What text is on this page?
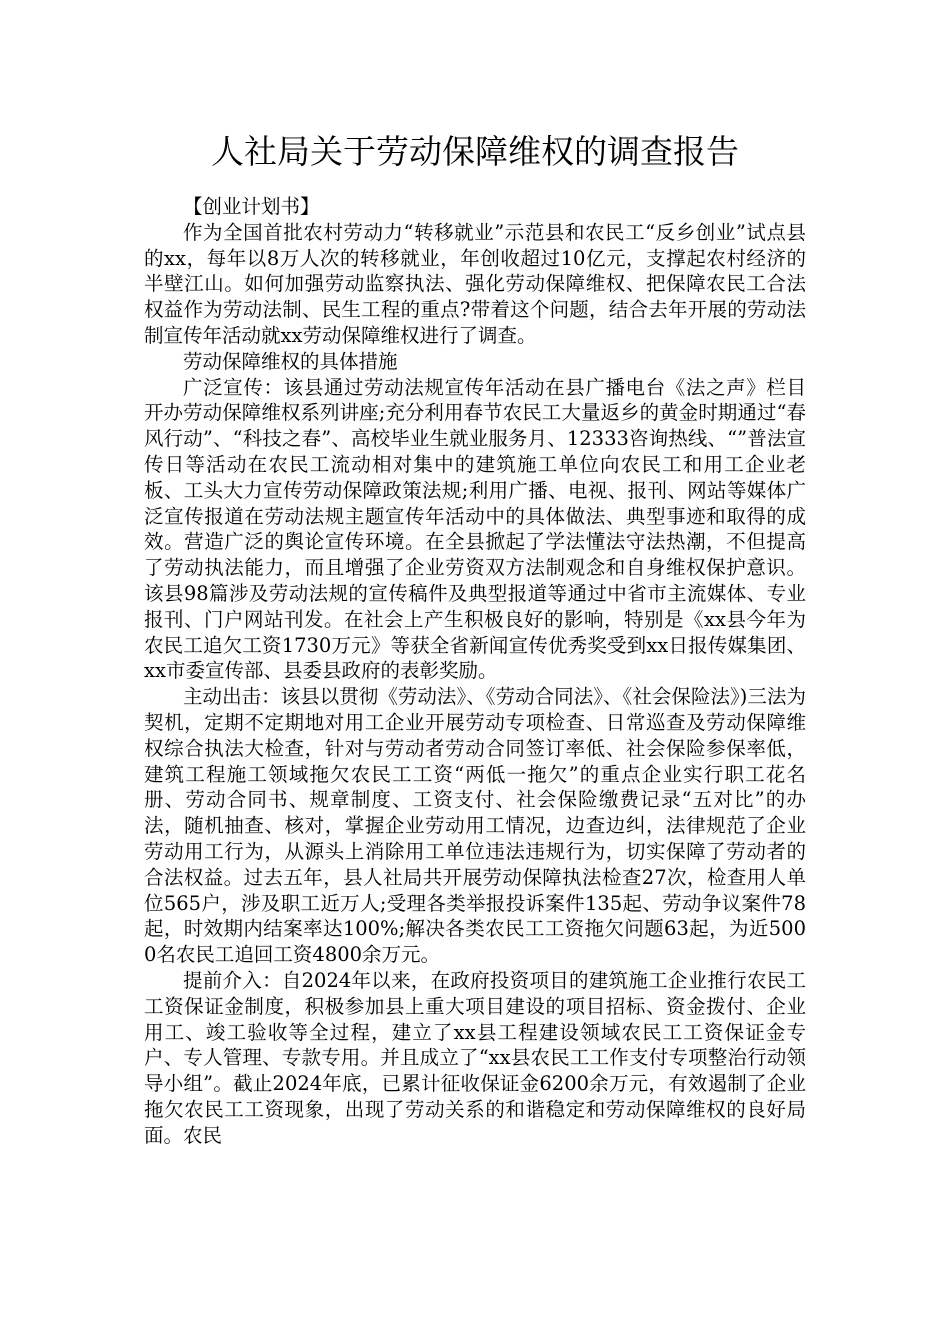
人社局关于劳动保障维权的调查报告

【创业计划书】

作为全国首批农村劳动力“转移就业”示范县和农民工“反乡创业”试点县的xx，每年以8万人次的转移就业，年创收超过10亿元，支撑起农村经济的半壁江山。如何加强劳动监察执法、强化劳动保障维权、把保障农民工合法权益作为劳动法制、民生工程的重点?带着这个问题，结合去年开展的劳动法制宣传年活动就xx劳动保障维权进行了调查。

劳动保障维权的具体措施

广泛宣传：该县通过劳动法规宣传年活动在县广播电台《法之声》栏目开办劳动保障维权系列讲座;充分利用春节农民工大量返乡的黄金时期通过“春风行动”、“科技之春”、高校毕业生就业服务月、12333咨询热线、“”普法宣传日等活动在农民工流动相对集中的建筑施工单位向农民工和用工企业老板、工头大力宣传劳动保障政策法规;利用广播、电视、报刊、网站等媒体广泛宣传报道在劳动法规主题宣传年活动中的具体做法、典型事迹和取得的成效。营造广泛的舆论宣传环境。在全县掀起了学法懂法守法热潮，不但提高了劳动执法能力，而且增强了企业劳资双方法制观念和自身维权保护意识。该县98篇涉及劳动法规的宣传稿件及典型报道等通过中省市主流媒体、专业报刊、门户网站刊发。在社会上产生积极良好的影响，特别是《xx县今年为农民工追欠工资1730万元》等获全省新闻宣传优秀奖受到xx日报传媒集团、xx市委宣传部、县委县政府的表彰奖励。

主动出击：该县以贯彻《劳动法》、《劳动合同法》、《社会保险法》)三法为契机，定期不定期地对用工企业开展劳动专项检查、日常巡查及劳动保障维权综合执法大检查，针对与劳动者劳动合同签订率低、社会保险参保率低，建筑工程施工领域拖欠农民工工资“两低一拖欠”的重点企业实行职工花名册、劳动合同书、规章制度、工资支付、社会保险缴费记录“五对比”的办法，随机抽查、核对，掌握企业劳动用工情况，边查边纠，法律规范了企业劳动用工行为，从源头上消除用工单位违法违规行为，切实保障了劳动者的合法权益。过去五年，县人社局共开展劳动保障执法检查27次，检查用人单位565户，涉及职工近万人;受理各类举报投诉案件135起、劳动争议案件78起，时效期内结案率达100%;解决各类农民工工资拖欠问题63起，为近5000名农民工追回工资4800余万元。

提前介入：自2024年以来，在政府投资项目的建筑施工企业推行农民工工资保证金制度，积极参加县上重大项目建设的项目招标、资金拨付、企业用工、竣工验收等全过程，建立了xx县工程建设领域农民工工资保证金专户、专人管理、专款专用。并且成立了“xx县农民工工作支付专项整治行动领导小组”。截止2024年底，已累计征收保证金6200余万元，有效遏制了企业拖欠农民工工资现象，出现了劳动关系的和谐稳定和劳动保障维权的良好局面。农民
